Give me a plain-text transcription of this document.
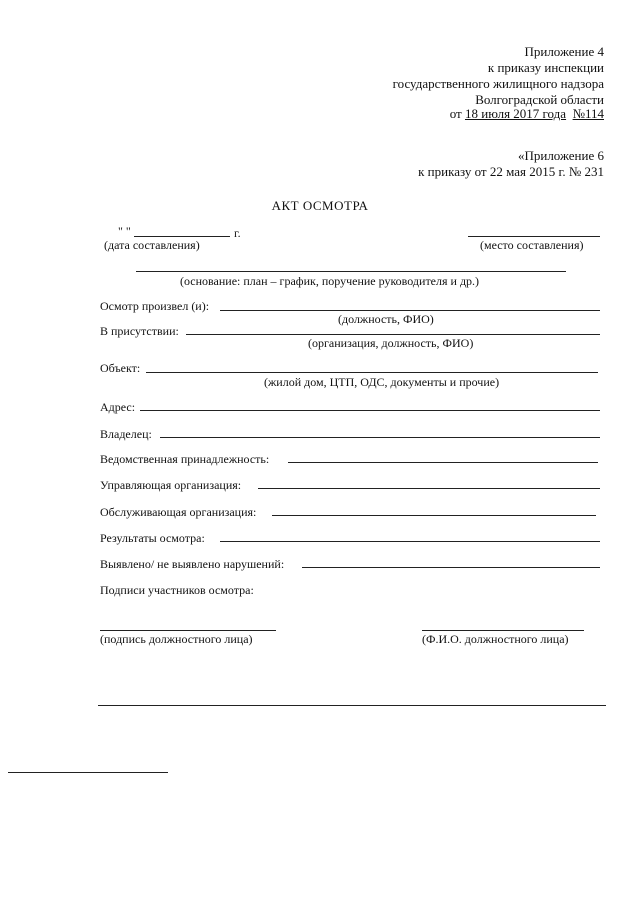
Приложение 4
к приказу инспекции
государственного жилищного надзора
Волгоградской области
от 18 июля 2017 года №114
«Приложение 6
к приказу от 22 мая 2015 г. № 231
АКТ ОСМОТРА
" "	г.
(дата составления)	(место составления)
(основание: план – график, поручение руководителя и др.)
Осмотр произвел (и):
(должность, ФИО)
В присутствии:
(организация, должность, ФИО)
Объект:
(жилой дом, ЦТП, ОДС, документы и прочие)
Адрес:
Владелец:
Ведомственная принадлежность:
Управляющая организация:
Обслуживающая организация:
Результаты осмотра:
Выявлено/ не выявлено нарушений:
Подписи участников осмотра:
(подпись должностного лица)	(Ф.И.О. должностного лица)
